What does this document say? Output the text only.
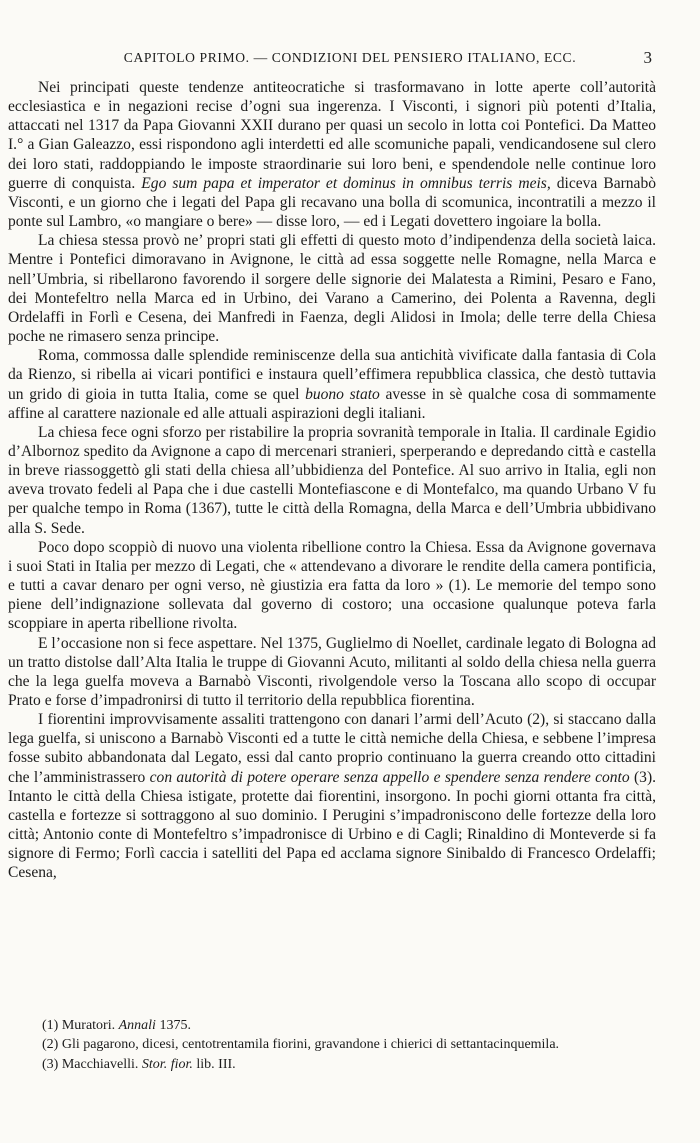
CAPITOLO PRIMO. — CONDIZIONI DEL PENSIERO ITALIANO, ECC.	3

Nei principati queste tendenze antiteocratiche si trasformavano in lotte aperte coll’autorità ecclesiastica e in negazioni recise d’ogni sua ingerenza. I Visconti, i signori più potenti d’Italia, attaccati nel 1317 da Papa Giovanni XXII durano per quasi un secolo in lotta coi Pontefici. Da Matteo I.° a Gian Galeazzo, essi rispondono agli interdetti ed alle scomuniche papali, vendicandosene sul clero dei loro stati, raddoppiando le imposte straordinarie sui loro beni, e spendendole nelle continue loro guerre di conquista. Ego sum papa et imperator et dominus in omnibus terris meis, diceva Barnabò Visconti, e un giorno che i legati del Papa gli recavano una bolla di scomunica, incontratili a mezzo il ponte sul Lambro, «o mangiare o bere» — disse loro, — ed i Legati dovettero ingoiare la bolla.

La chiesa stessa provò ne’ propri stati gli effetti di questo moto d’indipendenza della società laica. Mentre i Pontefici dimoravano in Avignone, le città ad essa soggette nelle Romagne, nella Marca e nell’Umbria, si ribellarono favorendo il sorgere delle signorie dei Malatesta a Rimini, Pesaro e Fano, dei Montefeltro nella Marca ed in Urbino, dei Varano a Camerino, dei Polenta a Ravenna, degli Ordelaffi in Forlì e Cesena, dei Manfredi in Faenza, degli Alidosi in Imola; delle terre della Chiesa poche ne rimasero senza principe.

Roma, commossa dalle splendide reminiscenze della sua antichità vivificate dalla fantasia di Cola da Rienzo, si ribella ai vicari pontifici e instaura quell’effimera repubblica classica, che destò tuttavia un grido di gioia in tutta Italia, come se quel buono stato avesse in sè qualche cosa di sommamente affine al carattere nazionale ed alle attuali aspirazioni degli italiani.

La chiesa fece ogni sforzo per ristabilire la propria sovranità temporale in Italia. Il cardinale Egidio d’Albornoz spedito da Avignone a capo di mercenari stranieri, sperperando e depredando città e castella in breve riassoggettò gli stati della chiesa all’ubbidienza del Pontefice. Al suo arrivo in Italia, egli non aveva trovato fedeli al Papa che i due castelli Montefiascone e di Montefalco, ma quando Urbano V fu per qualche tempo in Roma (1367), tutte le città della Romagna, della Marca e dell’Umbria ubbidivano alla S. Sede.

Poco dopo scoppiò di nuovo una violenta ribellione contro la Chiesa. Essa da Avignone governava i suoi Stati in Italia per mezzo di Legati, che « attendevano a divorare le rendite della camera pontificia, e tutti a cavar denaro per ogni verso, nè giustizia era fatta da loro » (1). Le memorie del tempo sono piene dell’indignazione sollevata dal governo di costoro; una occasione qualunque poteva farla scoppiare in aperta ribellione rivolta.

E l’occasione non si fece aspettare. Nel 1375, Guglielmo di Noellet, cardinale legato di Bologna ad un tratto distolse dall’Alta Italia le truppe di Giovanni Acuto, militanti al soldo della chiesa nella guerra che la lega guelfa moveva a Barnabò Visconti, rivolgendole verso la Toscana allo scopo di occupar Prato e forse d’impadronirsi di tutto il territorio della repubblica fiorentina.

I fiorentini improvvisamente assaliti trattengono con danari l’armi dell’Acuto (2), si staccano dalla lega guelfa, si uniscono a Barnabò Visconti ed a tutte le città nemiche della Chiesa, e sebbene l’impresa fosse subito abbandonata dal Legato, essi dal canto proprio continuano la guerra creando otto cittadini che l’amministrassero con autorità di potere operare senza appello e spendere senza rendere conto (3). Intanto le città della Chiesa istigate, protette dai fiorentini, insorgono. In pochi giorni ottanta fra città, castella e fortezze si sottraggono al suo dominio. I Perugini s’impadroniscono delle fortezze della loro città; Antonio conte di Montefeltro s’impadronisce di Urbino e di Cagli; Rinaldino di Monteverde si fa signore di Fermo; Forlì caccia i satelliti del Papa ed acclama signore Sinibaldo di Francesco Ordelaffi; Cesena,

(1) Muratori. Annali 1375.

(2) Gli pagarono, dicesi, centotrentamila fiorini, gravandone i chierici di settantacinquemila.

(3) Macchiavelli. Stor. fior. lib. III.
